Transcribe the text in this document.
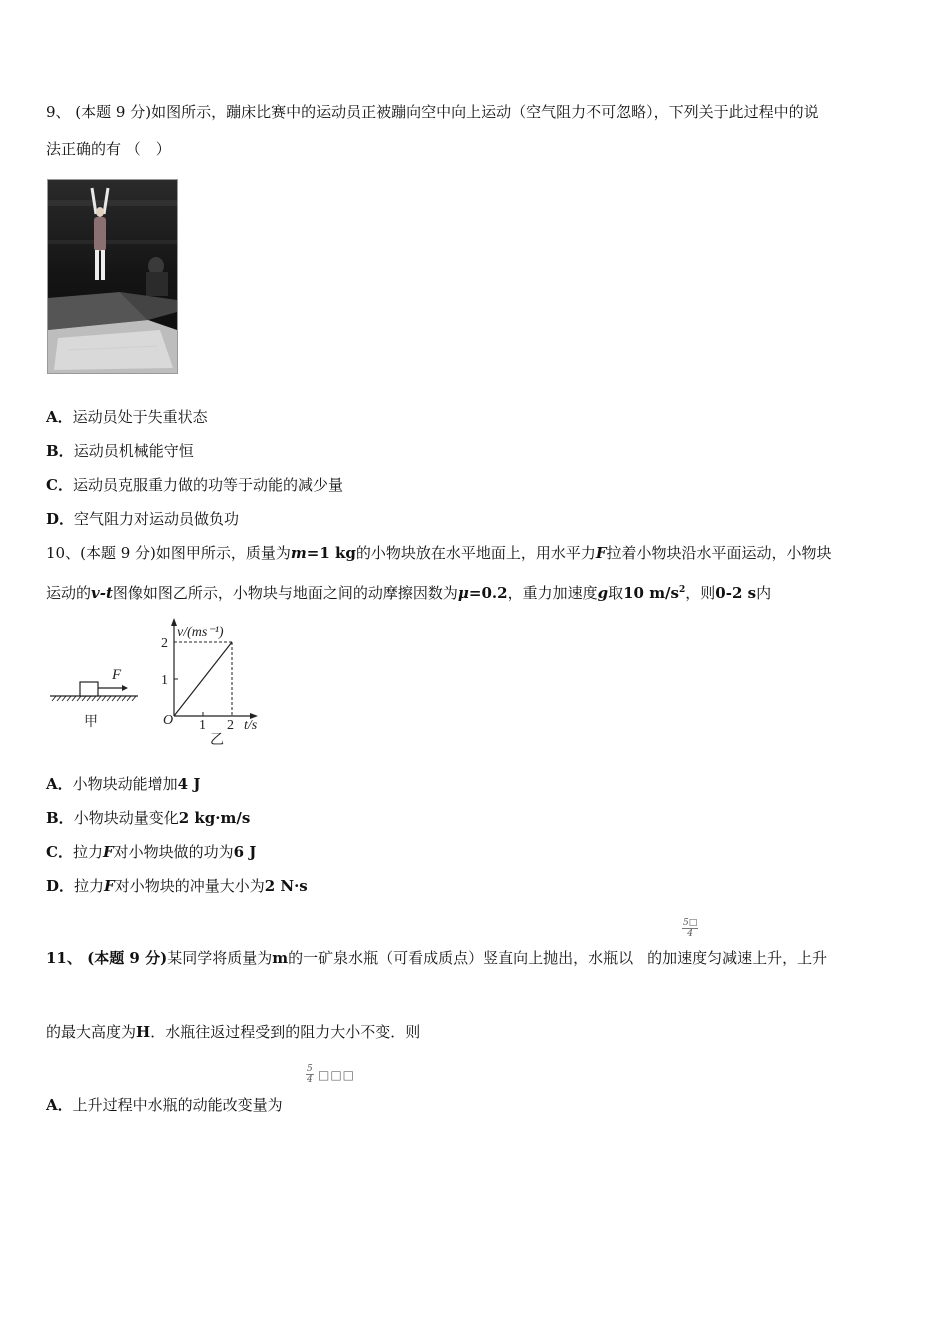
9、 (本题 9 分)如图所示，蹦床比赛中的运动员正被蹦向空中向上运动（空气阻力不可忽略），下列关于此过程中的说
法正确的有 （　）
A．运动员处于失重状态
B．运动员机械能守恒
C．运动员克服重力做的功等于动能的减少量
D．空气阻力对运动员做负功
10、(本题 9 分)如图甲所示，质量为m=1 kg的小物块放在水平地面上，用水平力F拉着小物块沿水平面运动，小物块
运动的v-t图像如图乙所示，小物块与地面之间的动摩擦因数为μ=0.2，重力加速度g取10 $m/s^2$，则0-2 s内
F
甲
v/(ms⁻¹)
2
1
O 1 2 t/s
乙
A．小物块动能增加4 J
B．小物块动量变化2 kg·m/s
C．拉力F对小物块做的功为6 J
D．拉力F对小物块的冲量大小为2 N·s
$\frac{5□}{4}$
11、 (本题 9 分)某同学将质量为m的一矿泉水瓶（可看成质点）竖直向上抛出，水瓶以 的加速度匀减速上升，上升
的最大高度为H．水瓶往返过程受到的阻力大小不变．则
$\frac{5}{4}$ □□□
A．上升过程中水瓶的动能改变量为
